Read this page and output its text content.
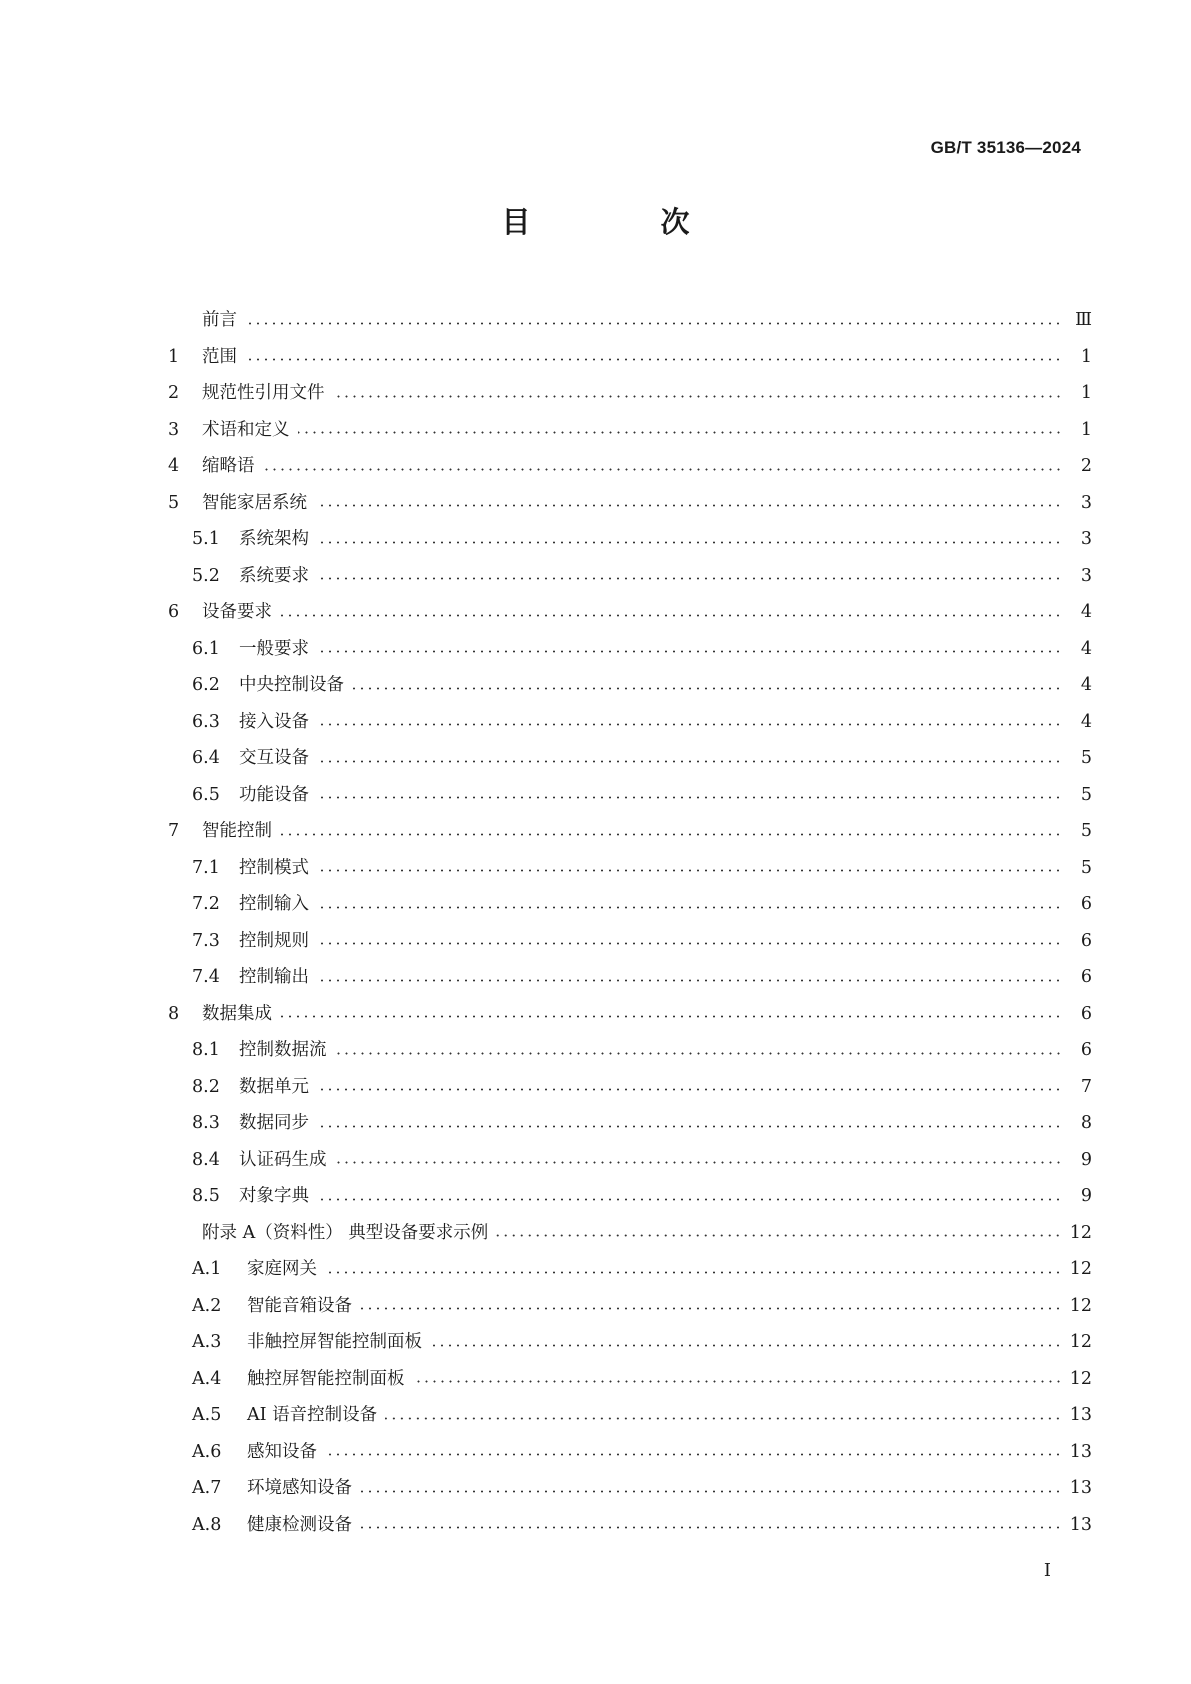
GB/T 35136—2024
目 次
前言	Ⅲ
1	范围	1
2	规范性引用文件	1
3	术语和定义	1
4	缩略语	2
5	智能家居系统	3
5.1	系统架构	3
5.2	系统要求	3
6	设备要求	4
6.1	一般要求	4
6.2	中央控制设备	4
6.3	接入设备	4
6.4	交互设备	5
6.5	功能设备	5
7	智能控制	5
7.1	控制模式	5
7.2	控制输入	6
7.3	控制规则	6
7.4	控制输出	6
8	数据集成	6
8.1	控制数据流	6
8.2	数据单元	7
8.3	数据同步	8
8.4	认证码生成	9
8.5	对象字典	9
附录 A（资料性） 典型设备要求示例	12
A.1	家庭网关	12
A.2	智能音箱设备	12
A.3	非触控屏智能控制面板	12
A.4	触控屏智能控制面板	12
A.5	AI 语音控制设备	13
A.6	感知设备	13
A.7	环境感知设备	13
A.8	健康检测设备	13
Ⅰ
